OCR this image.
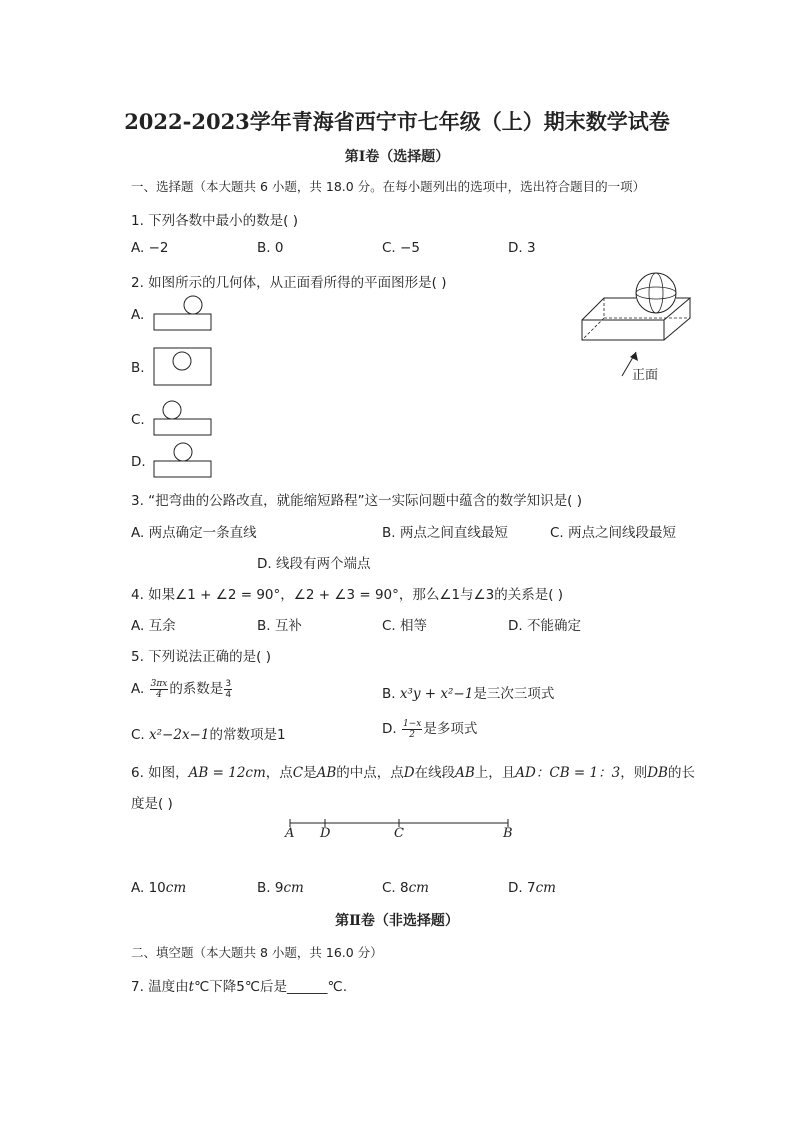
2022-2023学年青海省西宁市七年级（上）期末数学试卷
第Ⅰ卷（选择题）
一、选择题（本大题共 6 小题，共 18.0 分。在每小题列出的选项中，选出符合题目的一项）
1. 下列各数中最小的数是( )
A. −2	B. 0	C. −5	D. 3
2. 如图所示的几何体，从正面看所得的平面图形是( )
A.
B.
C.
D.
正面
3. “把弯曲的公路改直，就能缩短路程”这一实际问题中蕴含的数学知识是( )
A. 两点确定一条直线	B. 两点之间直线最短	C. 两点之间线段最短
D. 线段有两个端点
4. 如果∠1 + ∠2 = 90°，∠2 + ∠3 = 90°，那么∠1与∠3的关系是( )
A. 互余	B. 互补	C. 相等	D. 不能确定
5. 下列说法正确的是( )
A. $\frac{3\pi x}{4}$ 的系数是 $\frac{3}{4}$	B. x³y + x²−1是三次三项式
C. x²−2x−1的常数项是1	D. $\frac{1-x}{2}$ 是多项式
6. 如图，AB = 12cm，点C是AB的中点，点D在线段AB上，且AD：CB = 1：3，则DB的长
度是( )
A D	C	B
A. 10cm	B. 9cm	C. 8cm	D. 7cm
第Ⅱ卷（非选择题）
二、填空题（本大题共 8 小题，共 16.0 分）
7. 温度由t℃下降5℃后是______℃.
